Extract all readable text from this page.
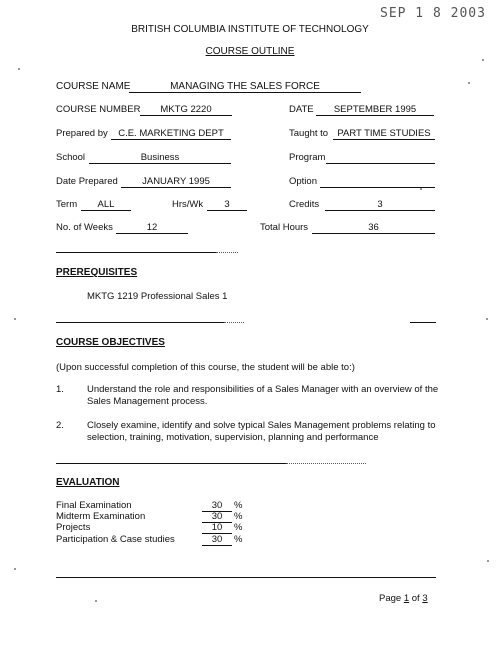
SEP 1 8 2003
BRITISH COLUMBIA INSTITUTE OF TECHNOLOGY
COURSE OUTLINE
COURSE NAME	MANAGING THE SALES FORCE
COURSE NUMBER	MKTG 2220	DATE	SEPTEMBER 1995
Prepared by	C.E. MARKETING DEPT	Taught to PART TIME STUDIES
School	Business	Program
Date Prepared	JANUARY 1995	Option
Term	ALL	Hrs/Wk	3	Credits	3
No. of Weeks	12	Total Hours	36
PREREQUISITES
MKTG 1219 Professional Sales 1
COURSE OBJECTIVES
(Upon successful completion of this course, the student will be able to:)
1. Understand the role and responsibilities of a Sales Manager with an overview of the Sales Management process.
2. Closely examine, identify and solve typical Sales Management problems relating to selection, training, motivation, supervision, planning and performance
EVALUATION
Final Examination	30	%
Midterm Examination	30	%
Projects	10	%
Participation & Case studies	30	%
Page 1 of 3
